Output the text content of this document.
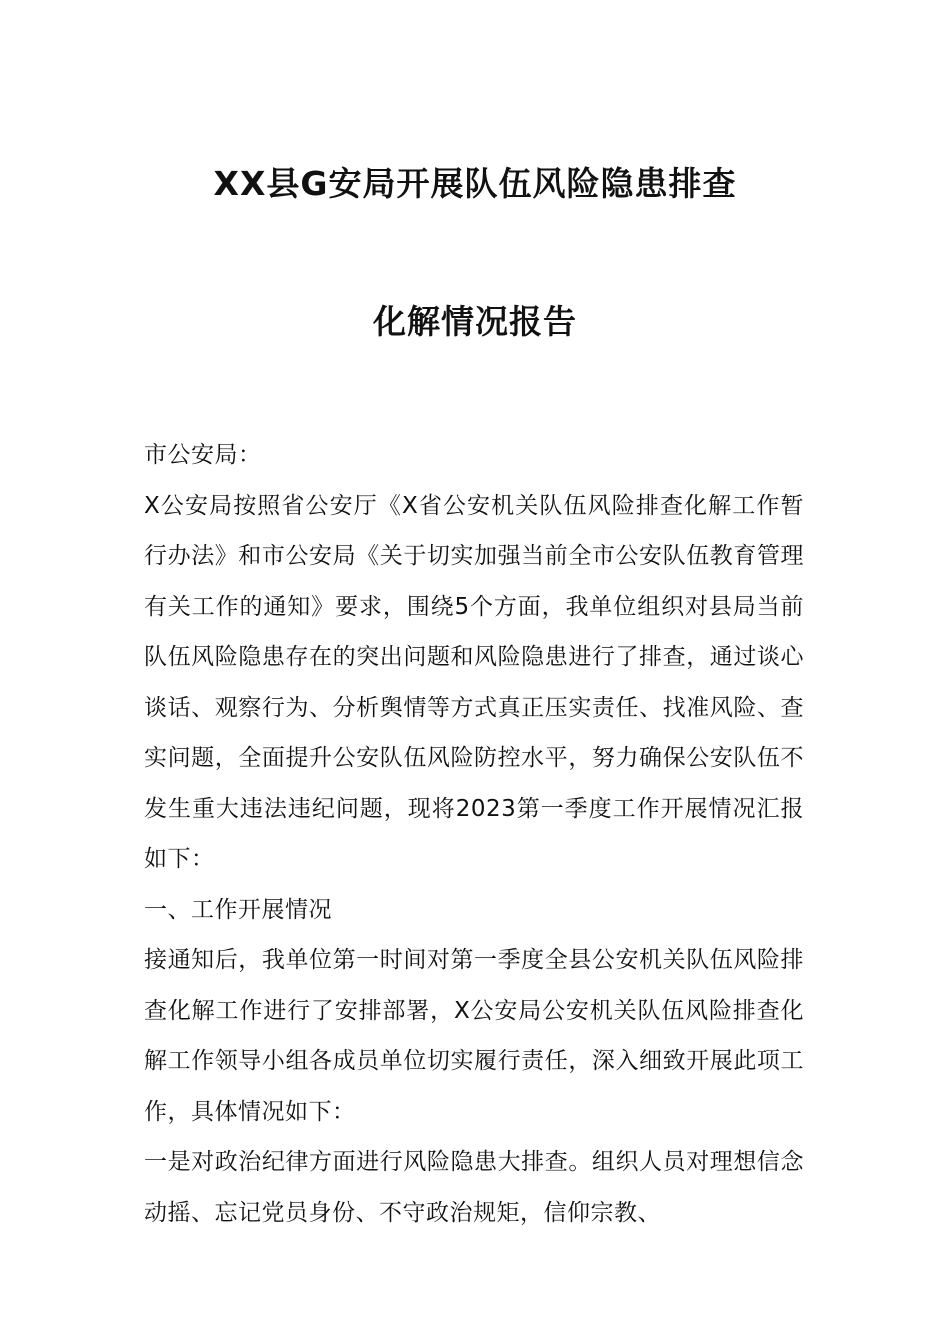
XX县G安局开展队伍风险隐患排查
化解情况报告

市公安局：

X公安局按照省公安厅《X省公安机关队伍风险排查化解工作暂行办法》和市公安局《关于切实加强当前全市公安队伍教育管理有关工作的通知》要求，围绕5个方面，我单位组织对县局当前队伍风险隐患存在的突出问题和风险隐患进行了排查，通过谈心谈话、观察行为、分析舆情等方式真正压实责任、找准风险、查实问题，全面提升公安队伍风险防控水平，努力确保公安队伍不发生重大违法违纪问题，现将2023第一季度工作开展情况汇报如下：

一、工作开展情况

接通知后，我单位第一时间对第一季度全县公安机关队伍风险排查化解工作进行了安排部署，X公安局公安机关队伍风险排查化解工作领导小组各成员单位切实履行责任，深入细致开展此项工作，具体情况如下：

一是对政治纪律方面进行风险隐患大排查。组织人员对理想信念动摇、忘记党员身份、不守政治规矩，信仰宗教、
